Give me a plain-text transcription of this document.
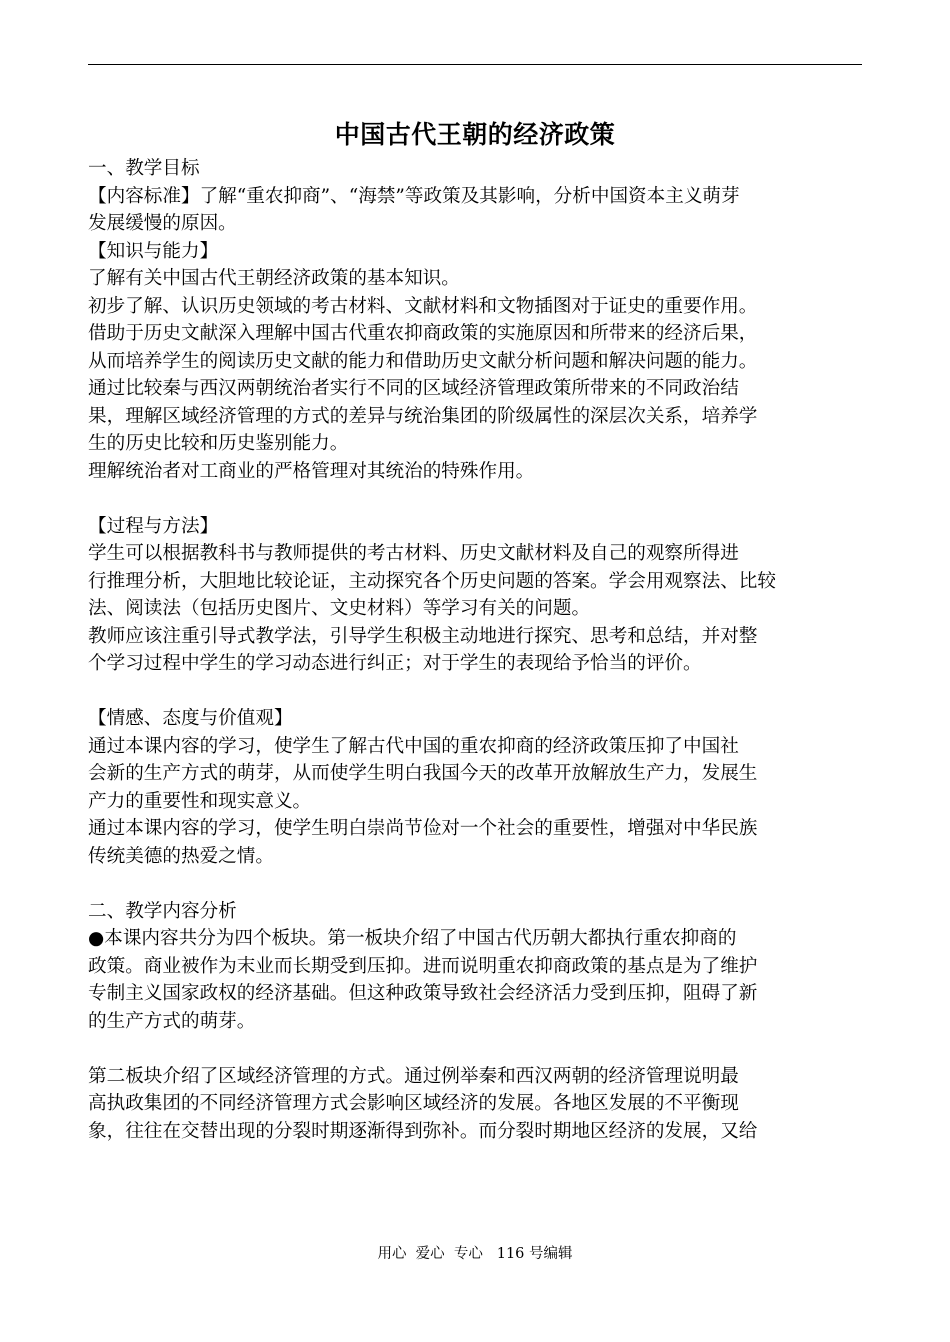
中国古代王朝的经济政策
一、教学目标
【内容标准】了解“重农抑商”、“海禁”等政策及其影响，分析中国资本主义萌芽
发展缓慢的原因。
【知识与能力】
了解有关中国古代王朝经济政策的基本知识。
初步了解、认识历史领域的考古材料、文献材料和文物插图对于证史的重要作用。
借助于历史文献深入理解中国古代重农抑商政策的实施原因和所带来的经济后果，
从而培养学生的阅读历史文献的能力和借助历史文献分析问题和解决问题的能力。
通过比较秦与西汉两朝统治者实行不同的区域经济管理政策所带来的不同政治结
果，理解区域经济管理的方式的差异与统治集团的阶级属性的深层次关系，培养学
生的历史比较和历史鉴别能力。
理解统治者对工商业的严格管理对其统治的特殊作用。
【过程与方法】
学生可以根据教科书与教师提供的考古材料、历史文献材料及自己的观察所得进
行推理分析，大胆地比较论证，主动探究各个历史问题的答案。学会用观察法、比较
法、阅读法（包括历史图片、文史材料）等学习有关的问题。
教师应该注重引导式教学法，引导学生积极主动地进行探究、思考和总结，并对整
个学习过程中学生的学习动态进行纠正；对于学生的表现给予恰当的评价。
【情感、态度与价值观】
通过本课内容的学习，使学生了解古代中国的重农抑商的经济政策压抑了中国社
会新的生产方式的萌芽，从而使学生明白我国今天的改革开放解放生产力，发展生
产力的重要性和现实意义。
通过本课内容的学习，使学生明白崇尚节俭对一个社会的重要性，增强对中华民族
传统美德的热爱之情。
二、教学内容分析
●本课内容共分为四个板块。第一板块介绍了中国古代历朝大都执行重农抑商的
政策。商业被作为末业而长期受到压抑。进而说明重农抑商政策的基点是为了维护
专制主义国家政权的经济基础。但这种政策导致社会经济活力受到压抑，阻碍了新
的生产方式的萌芽。
第二板块介绍了区域经济管理的方式。通过例举秦和西汉两朝的经济管理说明最
高执政集团的不同经济管理方式会影响区域经济的发展。各地区发展的不平衡现
象，往往在交替出现的分裂时期逐渐得到弥补。而分裂时期地区经济的发展，又给
用心  爱心  专心   116 号编辑
